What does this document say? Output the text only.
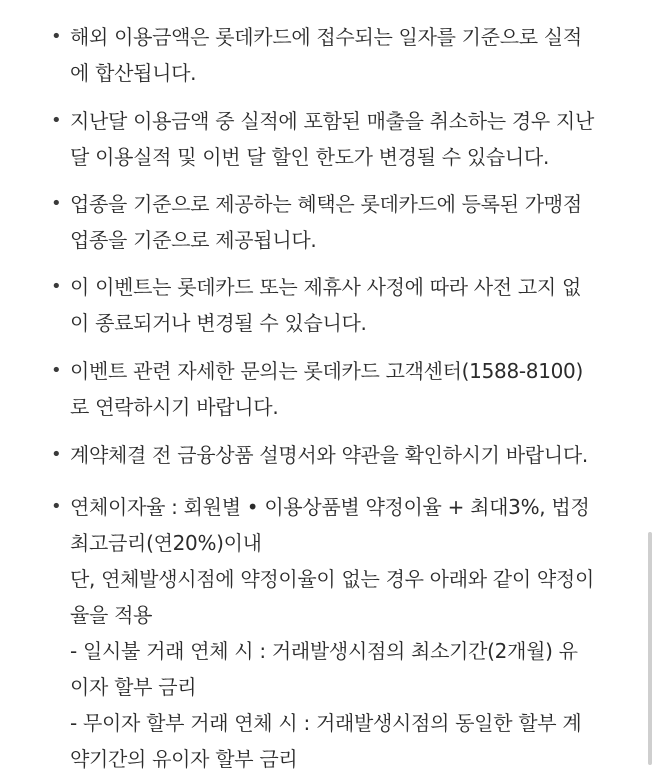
• 해외 이용금액은 롯데카드에 접수되는 일자를 기준으로 실적
에 합산됩니다.
• 지난달 이용금액 중 실적에 포함된 매출을 취소하는 경우 지난
달 이용실적 및 이번 달 할인 한도가 변경될 수 있습니다.
• 업종을 기준으로 제공하는 혜택은 롯데카드에 등록된 가맹점
업종을 기준으로 제공됩니다.
• 이 이벤트는 롯데카드 또는 제휴사 사정에 따라 사전 고지 없
이 종료되거나 변경될 수 있습니다.
• 이벤트 관련 자세한 문의는 롯데카드 고객센터(1588-8100)
로 연락하시기 바랍니다.
• 계약체결 전 금융상품 설명서와 약관을 확인하시기 바랍니다.
• 연체이자율 : 회원별 • 이용상품별 약정이율 + 최대3%, 법정
최고금리(연20%)이내
단, 연체발생시점에 약정이율이 없는 경우 아래와 같이 약정이
율을 적용
- 일시불 거래 연체 시 : 거래발생시점의 최소기간(2개월) 유
이자 할부 금리
- 무이자 할부 거래 연체 시 : 거래발생시점의 동일한 할부 계
약기간의 유이자 할부 금리
